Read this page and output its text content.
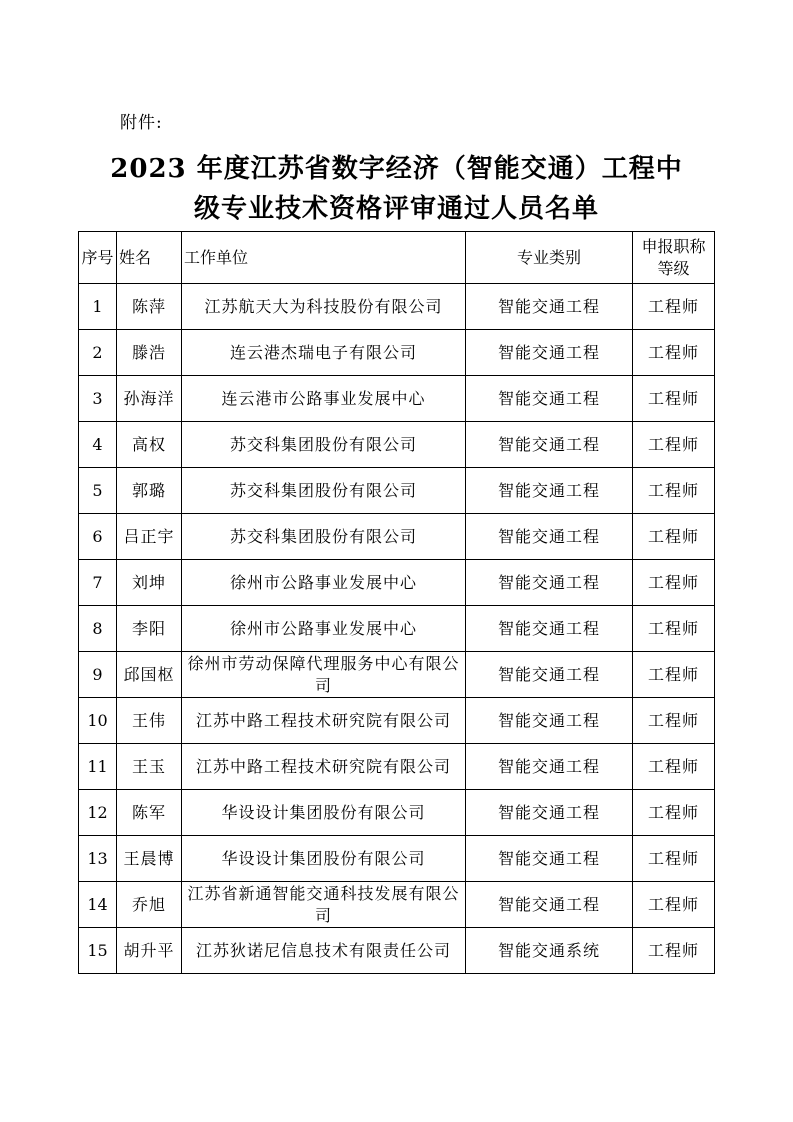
附件:
2023 年度江苏省数字经济（智能交通）工程中
级专业技术资格评审通过人员名单
序号	姓名	工作单位	专业类别	申报职称等级
1	陈萍	江苏航天大为科技股份有限公司	智能交通工程	工程师
2	滕浩	连云港杰瑞电子有限公司	智能交通工程	工程师
3	孙海洋	连云港市公路事业发展中心	智能交通工程	工程师
4	高权	苏交科集团股份有限公司	智能交通工程	工程师
5	郭璐	苏交科集团股份有限公司	智能交通工程	工程师
6	吕正宇	苏交科集团股份有限公司	智能交通工程	工程师
7	刘坤	徐州市公路事业发展中心	智能交通工程	工程师
8	李阳	徐州市公路事业发展中心	智能交通工程	工程师
9	邱国枢	徐州市劳动保障代理服务中心有限公司	智能交通工程	工程师
10	王伟	江苏中路工程技术研究院有限公司	智能交通工程	工程师
11	王玉	江苏中路工程技术研究院有限公司	智能交通工程	工程师
12	陈军	华设设计集团股份有限公司	智能交通工程	工程师
13	王晨博	华设设计集团股份有限公司	智能交通工程	工程师
14	乔旭	江苏省新通智能交通科技发展有限公司	智能交通工程	工程师
15	胡升平	江苏狄诺尼信息技术有限责任公司	智能交通系统	工程师
